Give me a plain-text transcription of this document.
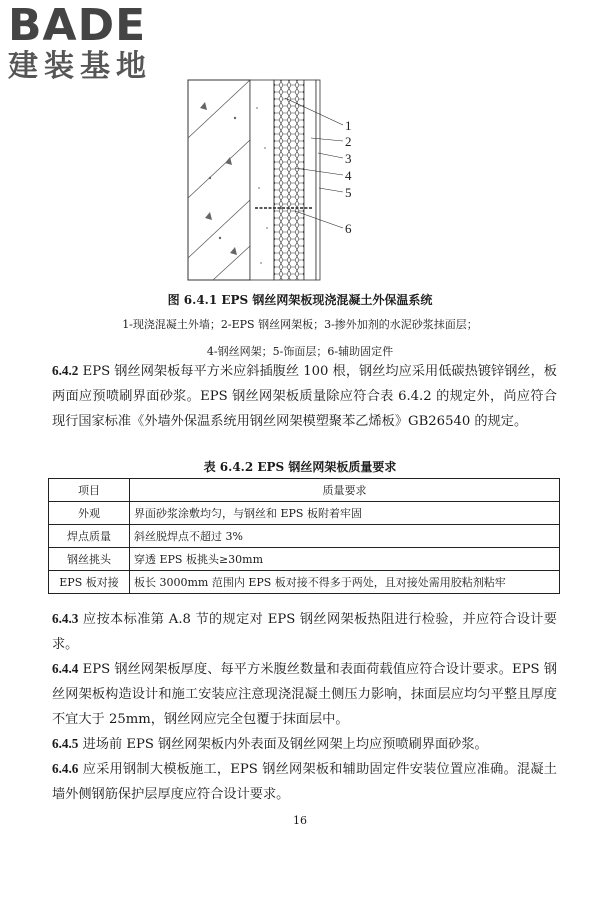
BADE
建装基地
1
2
3
4
5
6
图 6.4.1 EPS 钢丝网架板现浇混凝土外保温系统
1-现浇混凝土外墙；2-EPS 钢丝网架板；3-掺外加剂的水泥砂浆抹面层；
4-钢丝网架；5-饰面层；6-辅助固定件
6.4.2 EPS 钢丝网架板每平方米应斜插腹丝 100 根，钢丝均应采用低碳热镀锌钢丝，板两面应预喷刷界面砂浆。EPS 钢丝网架板质量除应符合表 6.4.2 的规定外，尚应符合现行国家标准《外墙外保温系统用钢丝网架模塑聚苯乙烯板》GB26540 的规定。
表 6.4.2 EPS 钢丝网架板质量要求
项目	质量要求
外观	界面砂浆涂敷均匀，与钢丝和 EPS 板附着牢固
焊点质量	斜丝脱焊点不超过 3%
钢丝挑头	穿透 EPS 板挑头≥30mm
EPS 板对接	板长 3000mm 范围内 EPS 板对接不得多于两处，且对接处需用胶粘剂粘牢
6.4.3 应按本标准第 A.8 节的规定对 EPS 钢丝网架板热阻进行检验，并应符合设计要求。
6.4.4 EPS 钢丝网架板厚度、每平方米腹丝数量和表面荷载值应符合设计要求。EPS 钢丝网架板构造设计和施工安装应注意现浇混凝土侧压力影响，抹面层应均匀平整且厚度不宜大于 25mm，钢丝网应完全包覆于抹面层中。
6.4.5 进场前 EPS 钢丝网架板内外表面及钢丝网架上均应预喷刷界面砂浆。
6.4.6 应采用钢制大模板施工，EPS 钢丝网架板和辅助固定件安装位置应准确。混凝土墙外侧钢筋保护层厚度应符合设计要求。
16
